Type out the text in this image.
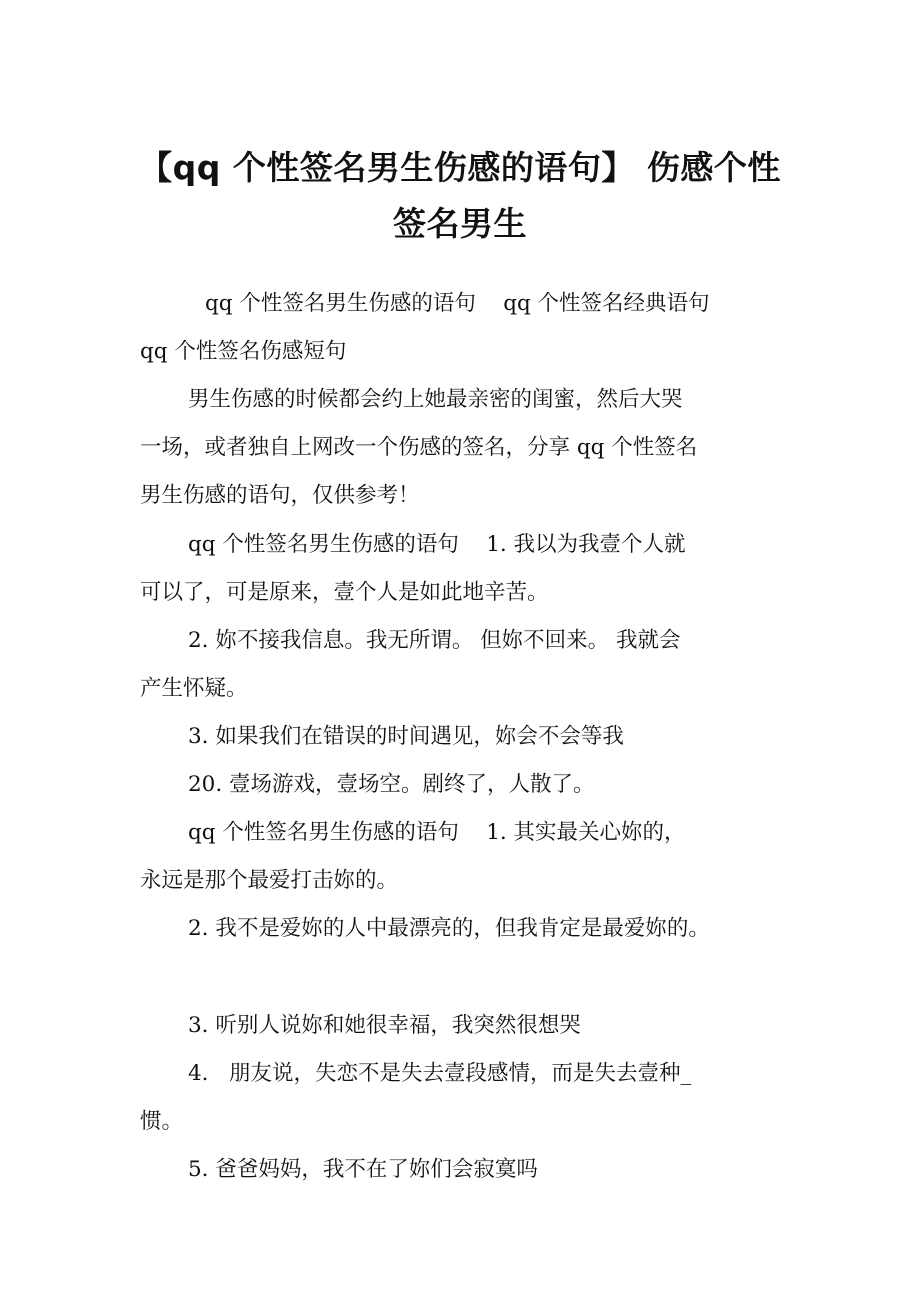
【qq 个性签名男生伤感的语句】 伤感个性
签名男生

qq 个性签名男生伤感的语句    qq 个性签名经典语句

qq 个性签名伤感短句

男生伤感的时候都会约上她最亲密的闺蜜，然后大哭

一场，或者独自上网改一个伤感的签名，分享 qq 个性签名

男生伤感的语句，仅供参考！

qq 个性签名男生伤感的语句    1. 我以为我壹个人就

可以了，可是原来，壹个人是如此地辛苦。

2. 妳不接我信息。我无所谓。 但妳不回来。 我就会

产生怀疑。

3. 如果我们在错误的时间遇见，妳会不会等我

20. 壹场游戏，壹场空。剧终了，人散了。

qq 个性签名男生伤感的语句    1. 其实最关心妳的，

永远是那个最爱打击妳的。

2. 我不是爱妳的人中最漂亮的，但我肯定是最爱妳的。

3. 听别人说妳和她很幸福，我突然很想哭

4.   朋友说，失恋不是失去壹段感情，而是失去壹种_

惯。

5. 爸爸妈妈，我不在了妳们会寂寞吗
